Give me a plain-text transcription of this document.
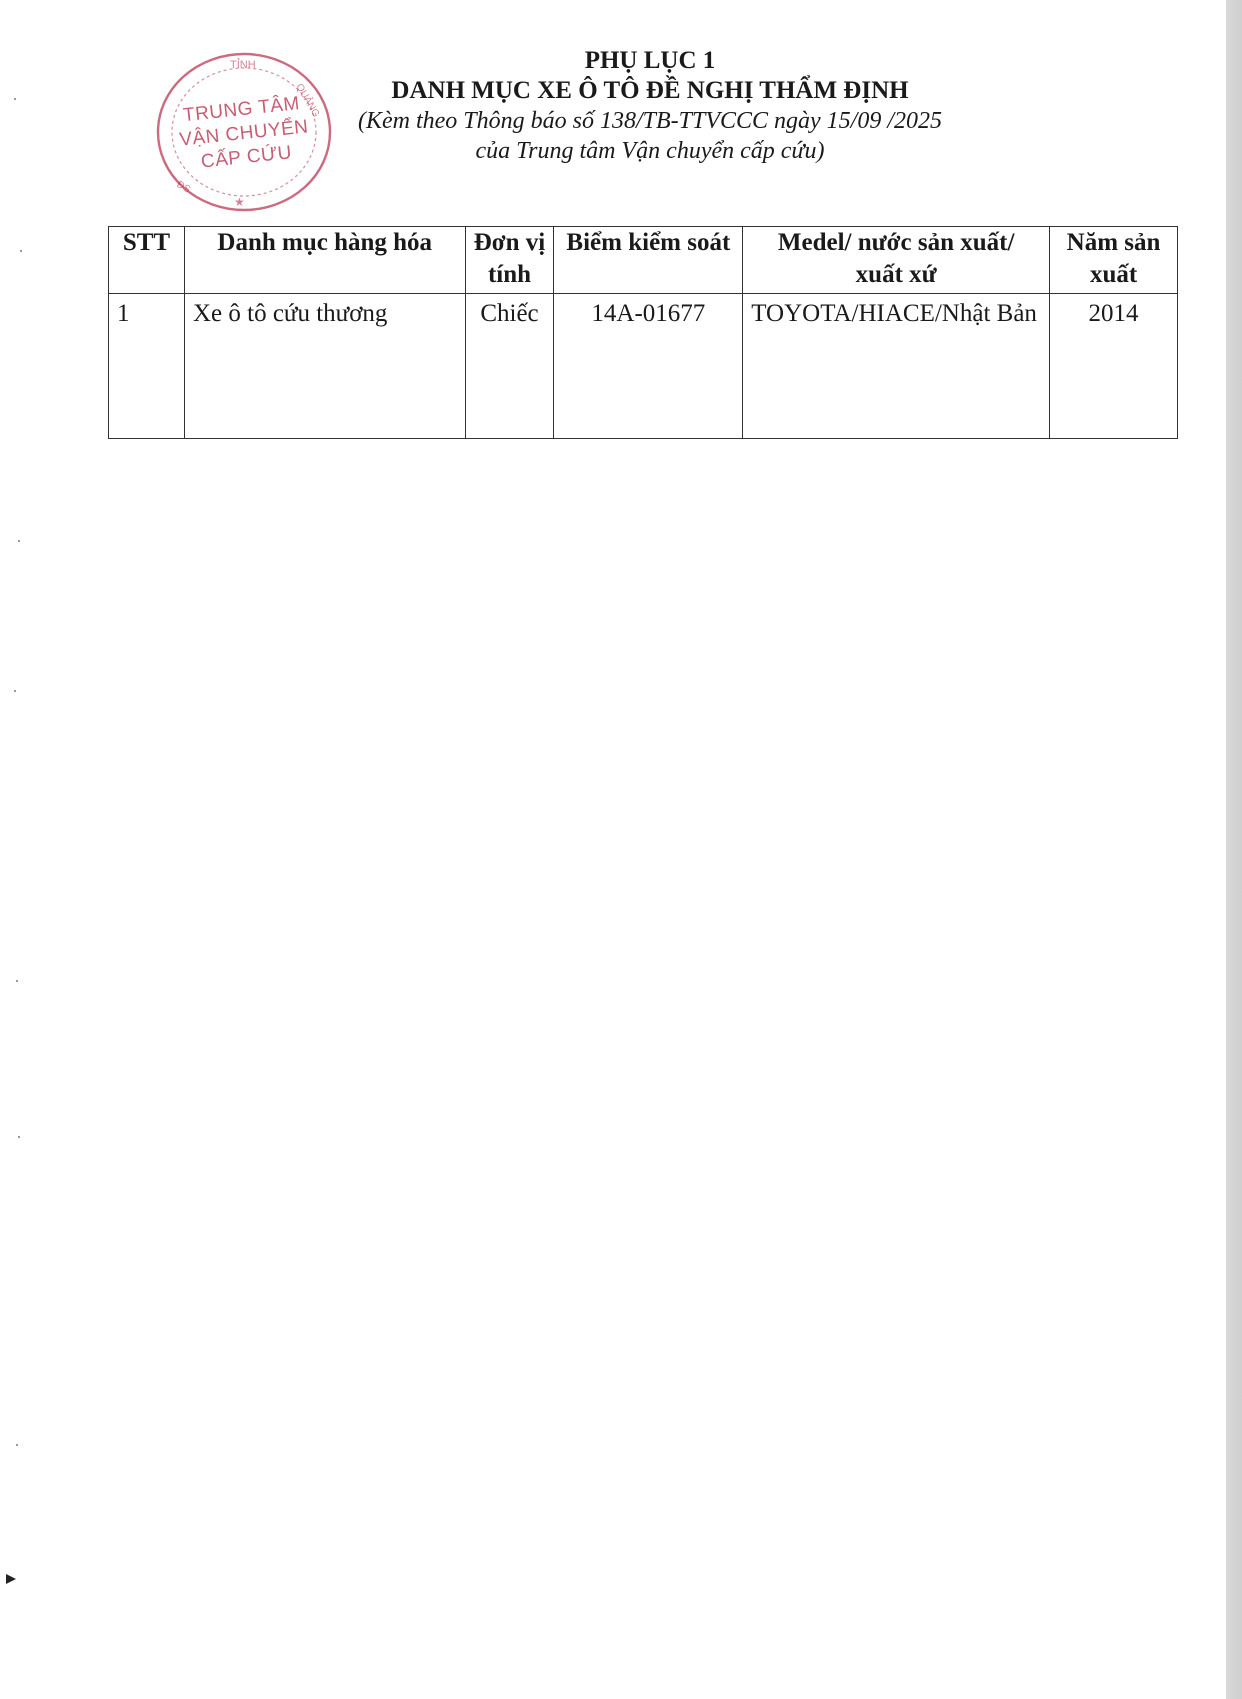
TỈNH
QUẢNG
ĐS
★
TRUNG TÂM
VẬN CHUYỂN
CẤP CỨU

PHỤ LỤC 1

DANH MỤC XE Ô TÔ ĐỀ NGHỊ THẨM ĐỊNH

(Kèm theo Thông báo số 138/TB-TTVCCC ngày 15/09 /2025

của Trung tâm Vận chuyển cấp cứu)

STT	Danh mục hàng hóa	Đơn vị tính	Biểm kiểm soát	Medel/ nước sản xuất/ xuất xứ	Năm sản xuất
1	Xe ô tô cứu thương	Chiếc	14A-01677	TOYOTA/HIACE/Nhật Bản	2014
